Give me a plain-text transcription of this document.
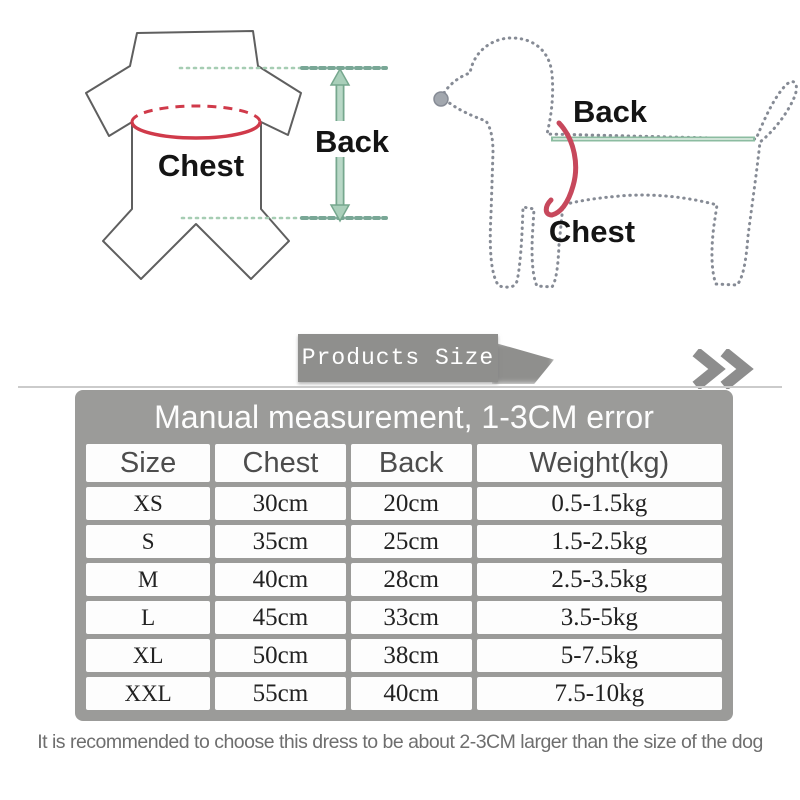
Chest
Back
Back
Chest
Products Size
Manual measurement, 1-3CM error
Size	Chest	Back	Weight(kg)
XS	30cm	20cm	0.5-1.5kg
S	35cm	25cm	1.5-2.5kg
M	40cm	28cm	2.5-3.5kg
L	45cm	33cm	3.5-5kg
XL	50cm	38cm	5-7.5kg
XXL	55cm	40cm	7.5-10kg
It is recommended to choose this dress to be about 2-3CM larger than the size of the dog
